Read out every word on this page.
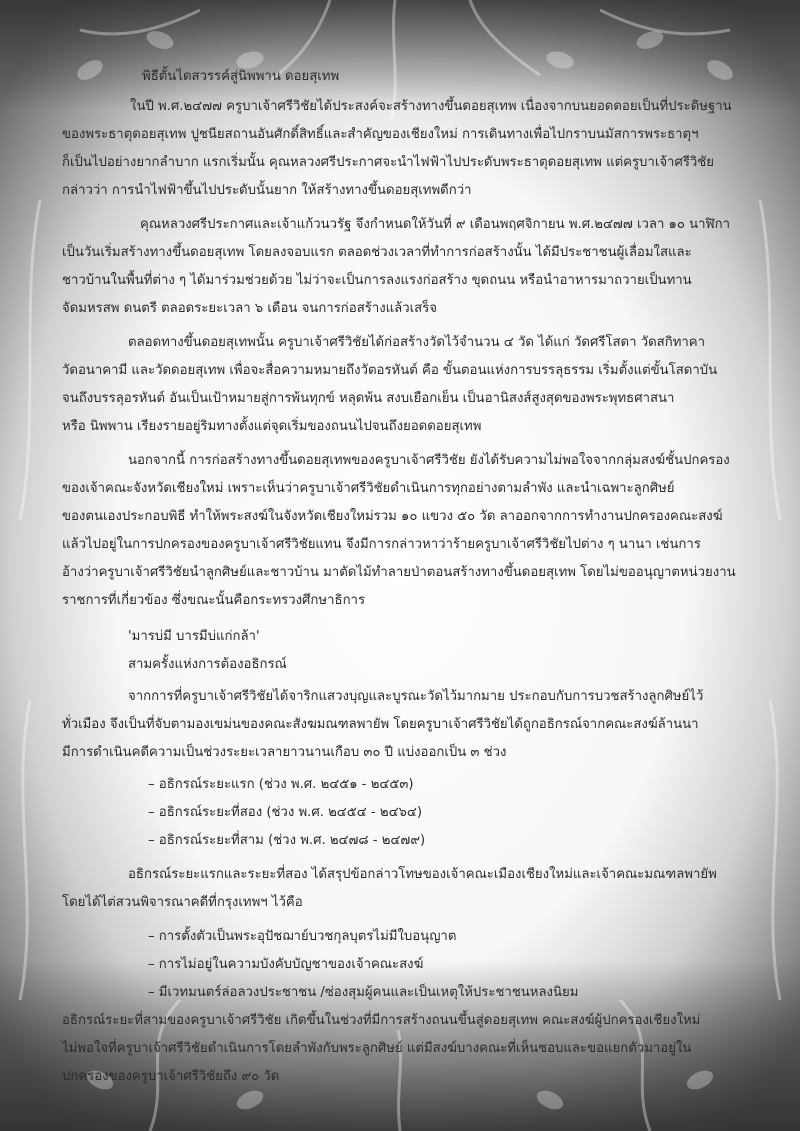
พิธีตั้นไดสวรรค์สู่นิพพาน ดอยสุเทพ
ในปี พ.ศ.๒๔๗๗ ครูบาเจ้าศรีวิชัยได้ประสงค์จะสร้างทางขึ้นดอยสุเทพ เนื่องจากบนยอดดอยเป็นที่ประดิษฐาน
ของพระธาตุดอยสุเทพ ปูชนียสถานอันศักดิ์สิทธิ์และสำคัญของเชียงใหม่ การเดินทางเพื่อไปกราบนมัสการพระธาตุฯ
ก็เป็นไปอย่างยากลำบาก แรกเริ่มนั้น คุณหลวงศรีประกาศจะนำไฟฟ้าไปประดับพระธาตุดอยสุเทพ แต่ครูบาเจ้าศรีวิชัย
กล่าวว่า การนำไฟฟ้าขึ้นไปประดับนั้นยาก ให้สร้างทางขึ้นดอยสุเทพดีกว่า
คุณหลวงศรีประกาศและเจ้าแก้วนวรัฐ จึงกำหนดให้วันที่ ๙ เดือนพฤศจิกายน พ.ศ.๒๔๗๗ เวลา ๑๐ นาฬิกา
เป็นวันเริ่มสร้างทางขึ้นดอยสุเทพ โดยลงจอบแรก ตลอดช่วงเวลาที่ทำการก่อสร้างนั้น ได้มีประชาชนผู้เลื่อมใสและ
ชาวบ้านในพื้นที่ต่าง ๆ ได้มาร่วมช่วยด้วย ไม่ว่าจะเป็นการลงแรงก่อสร้าง ขุดถนน หรือนำอาหารมาถวายเป็นทาน
จัดมหรสพ ดนตรี ตลอดระยะเวลา ๖ เดือน จนการก่อสร้างแล้วเสร็จ
ตลอดทางขึ้นดอยสุเทพนั้น ครูบาเจ้าศรีวิชัยได้ก่อสร้างวัดไว้จำนวน ๔ วัด ได้แก่ วัดศรีโสดา วัดสกิทาคา
วัดอนาคามี และวัดดอยสุเทพ เพื่อจะสื่อความหมายถึงวัตอรหันต์ คือ ขั้นตอนแห่งการบรรลุธรรม เริ่มตั้งแต่ขั้นโสดาบัน
จนถึงบรรลุอรหันต์ อันเป็นเป้าหมายสู่การพ้นทุกข์ หลุดพ้น สงบเยือกเย็น เป็นอานิสงส์สูงสุดของพระพุทธศาสนา
หรือ นิพพาน เรียงรายอยู่ริมทางตั้งแต่จุดเริ่มของถนนไปจนถึงยอดดอยสุเทพ
นอกจากนี้ การก่อสร้างทางขึ้นดอยสุเทพของครูบาเจ้าศรีวิชัย ยังได้รับความไม่พอใจจากกลุ่มสงฆ์ชั้นปกครอง
ของเจ้าคณะจังหวัดเชียงใหม่ เพราะเห็นว่าครูบาเจ้าศรีวิชัยดำเนินการทุกอย่างตามลำพัง และนำเฉพาะลูกศิษย์
ของตนเองประกอบพิธี ทำให้พระสงฆ์ในจังหวัดเชียงใหม่รวม ๑๐ แขวง ๕๐ วัด ลาออกจากการทำงานปกครองคณะสงฆ์
แล้วไปอยู่ในการปกครองของครูบาเจ้าศรีวิชัยแทน จึงมีการกล่าวหาว่าร้ายครูบาเจ้าศรีวิชัยไปต่าง ๆ นานา เช่นการ
อ้างว่าครูบาเจ้าศรีวิชัยนำลูกศิษย์และชาวบ้าน มาตัดไม้ทำลายป่าตอนสร้างทางขึ้นดอยสุเทพ โดยไม่ขออนุญาตหน่วยงาน
ราชการที่เกี่ยวข้อง ซึ่งขณะนั้นคือกระทรวงศึกษาธิการ
'มารบ่มี บารมีบ่แก่กล้า'
สามครั้งแห่งการต้องอธิกรณ์
จากการที่ครูบาเจ้าศรีวิชัยได้จาริกแสวงบุญและบูรณะวัดไว้มากมาย ประกอบกับการบวชสร้างลูกศิษย์ไว้
ทั่วเมือง จึงเป็นที่จับตามองเขม่นของคณะสังฆมณฑลพายัพ โดยครูบาเจ้าศรีวิชัยได้ถูกอธิกรณ์จากคณะสงฆ์ล้านนา
มีการดำเนินคดีความเป็นช่วงระยะเวลายาวนานเกือบ ๓๐ ปี แบ่งออกเป็น ๓ ช่วง
– อธิกรณ์ระยะแรก (ช่วง พ.ศ. ๒๔๕๑ - ๒๔๕๓)
– อธิกรณ์ระยะที่สอง (ช่วง พ.ศ. ๒๔๕๔ - ๒๔๖๔)
– อธิกรณ์ระยะที่สาม (ช่วง พ.ศ. ๒๔๗๘ - ๒๔๗๙)
อธิกรณ์ระยะแรกและระยะที่สอง ได้สรุปข้อกล่าวโทษของเจ้าคณะเมืองเชียงใหม่และเจ้าคณะมณฑลพายัพ
โดยได้ไต่สวนพิจารณาคดีที่กรุงเทพฯ ไว้คือ
– การตั้งตัวเป็นพระอุปัชฌาย์บวชกุลบุตรไม่มีใบอนุญาต
– การไม่อยู่ในความบังคับบัญชาของเจ้าคณะสงฆ์
– มีเวทมนตร์ล่อลวงประชาชน /ซ่องสุมผู้คนและเป็นเหตุให้ประชาชนหลงนิยม
อธิกรณ์ระยะที่สามของครูบาเจ้าศรีวิชัย เกิดขึ้นในช่วงที่มีการสร้างถนนขึ้นสู่ดอยสุเทพ คณะสงฆ์ผู้ปกครองเชียงใหม่
ไม่พอใจที่ครูบาเจ้าศรีวิชัยดำเนินการโดยลำพังกับพระลูกศิษย์ แต่มีสงฆ์บางคณะที่เห็นชอบและขอแยกตัวมาอยู่ใน
ปกครองของครูบาเจ้าศรีวิชัยถึง ๙๐ วัด
